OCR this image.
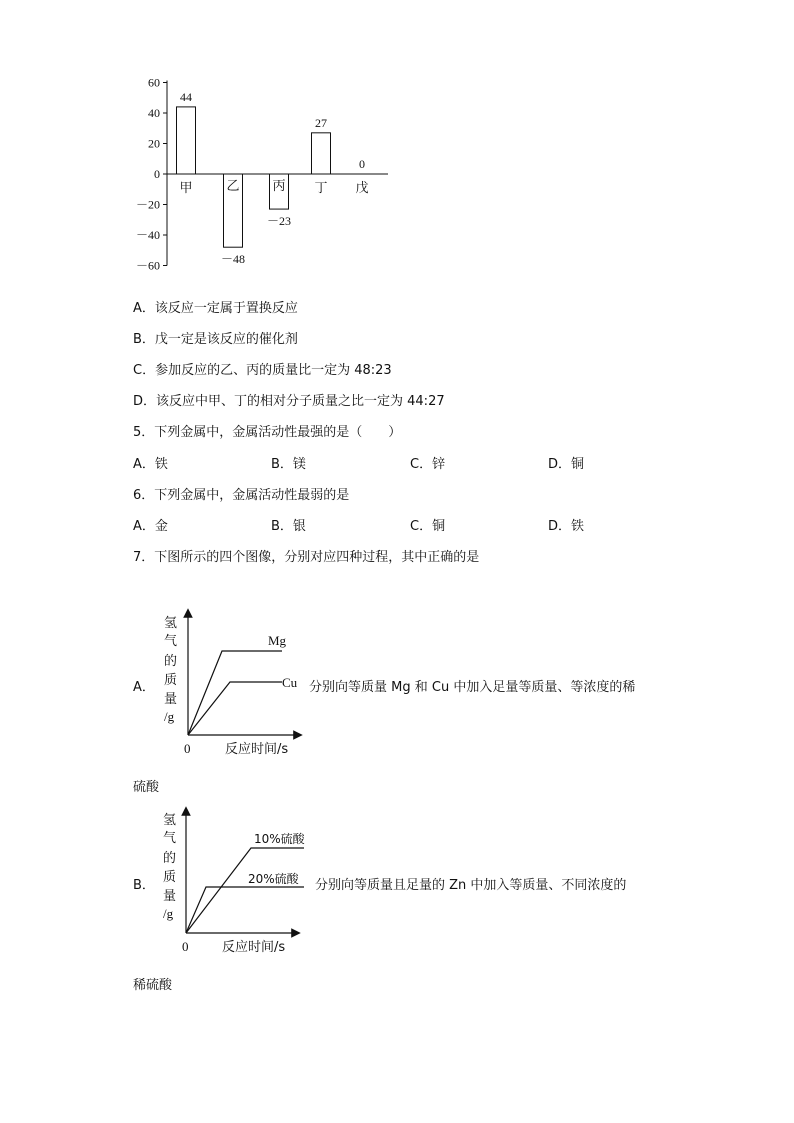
60
40
20
0
－20
－40
－60
44
甲
－48
乙
－23
丙
27
丁
0
戊
A．该反应一定属于置换反应
B．戊一定是该反应的催化剂
C．参加反应的乙、丙的质量比一定为 48:23
D．该反应中甲、丁的相对分子质量之比一定为 44:27
5．下列金属中，金属活动性最强的是（　　）
A．铁	B．镁	C．锌	D．铜
6．下列金属中，金属活动性最弱的是
A．金	B．银	C．铜	D．铁
7．下图所示的四个图像，分别对应四种过程，其中正确的是
A．
氢
气
的
质
量
/g
Mg
Cu
0	反应时间/s
分别向等质量 Mg 和 Cu 中加入足量等质量、等浓度的稀
硫酸
B．
氢
气
的
质
量
/g
10%硫酸
20%硫酸
0	反应时间/s
分别向等质量且足量的 Zn 中加入等质量、不同浓度的
稀硫酸
